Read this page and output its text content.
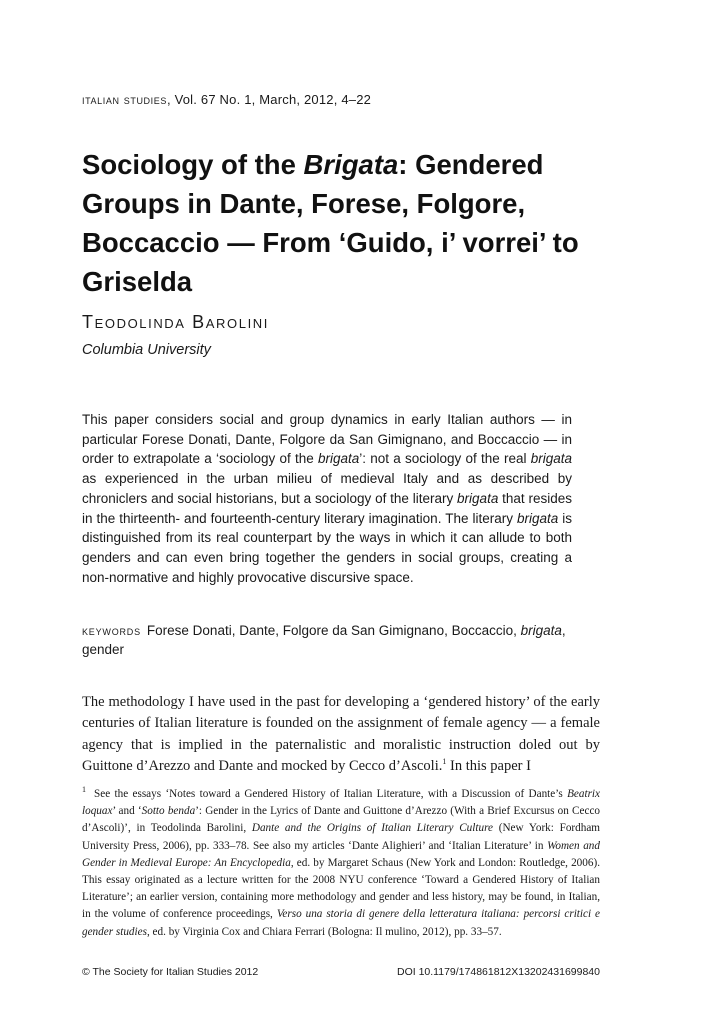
italian studies, Vol. 67 No. 1, March, 2012, 4–22
Sociology of the Brigata: Gendered Groups in Dante, Forese, Folgore, Boccaccio — From ‘Guido, i’ vorrei’ to Griselda
Teodolinda Barolini
Columbia University
This paper considers social and group dynamics in early Italian authors — in particular Forese Donati, Dante, Folgore da San Gimignano, and Boccaccio — in order to extrapolate a ‘sociology of the brigata’: not a sociology of the real brigata as experienced in the urban milieu of medieval Italy and as described by chroniclers and social historians, but a sociology of the literary brigata that resides in the thirteenth- and fourteenth-century literary imagination. The literary brigata is distinguished from its real counterpart by the ways in which it can allude to both genders and can even bring together the genders in social groups, creating a non-normative and highly provocative discursive space.
keywords Forese Donati, Dante, Folgore da San Gimignano, Boccaccio, brigata, gender
The methodology I have used in the past for developing a ‘gendered history’ of the early centuries of Italian literature is founded on the assignment of female agency — a female agency that is implied in the paternalistic and moralistic instruction doled out by Guittone d’Arezzo and Dante and mocked by Cecco d’Ascoli.$^1$ In this paper I
$^1$ See the essays ‘Notes toward a Gendered History of Italian Literature, with a Discussion of Dante’s Beatrix loquax’ and ‘Sotto benda’: Gender in the Lyrics of Dante and Guittone d’Arezzo (With a Brief Excursus on Cecco d’Ascoli)’, in Teodolinda Barolini, Dante and the Origins of Italian Literary Culture (New York: Fordham University Press, 2006), pp. 333–78. See also my articles ‘Dante Alighieri’ and ‘Italian Literature’ in Women and Gender in Medieval Europe: An Encyclopedia, ed. by Margaret Schaus (New York and London: Routledge, 2006). This essay originated as a lecture written for the 2008 NYU conference ‘Toward a Gendered History of Italian Literature’; an earlier version, containing more methodology and gender and less history, may be found, in Italian, in the volume of conference proceedings, Verso una storia di genere della letteratura italiana: percorsi critici e gender studies, ed. by Virginia Cox and Chiara Ferrari (Bologna: Il mulino, 2012), pp. 33–57.
© The Society for Italian Studies 2012	DOI 10.1179/174861812X13202431699840
